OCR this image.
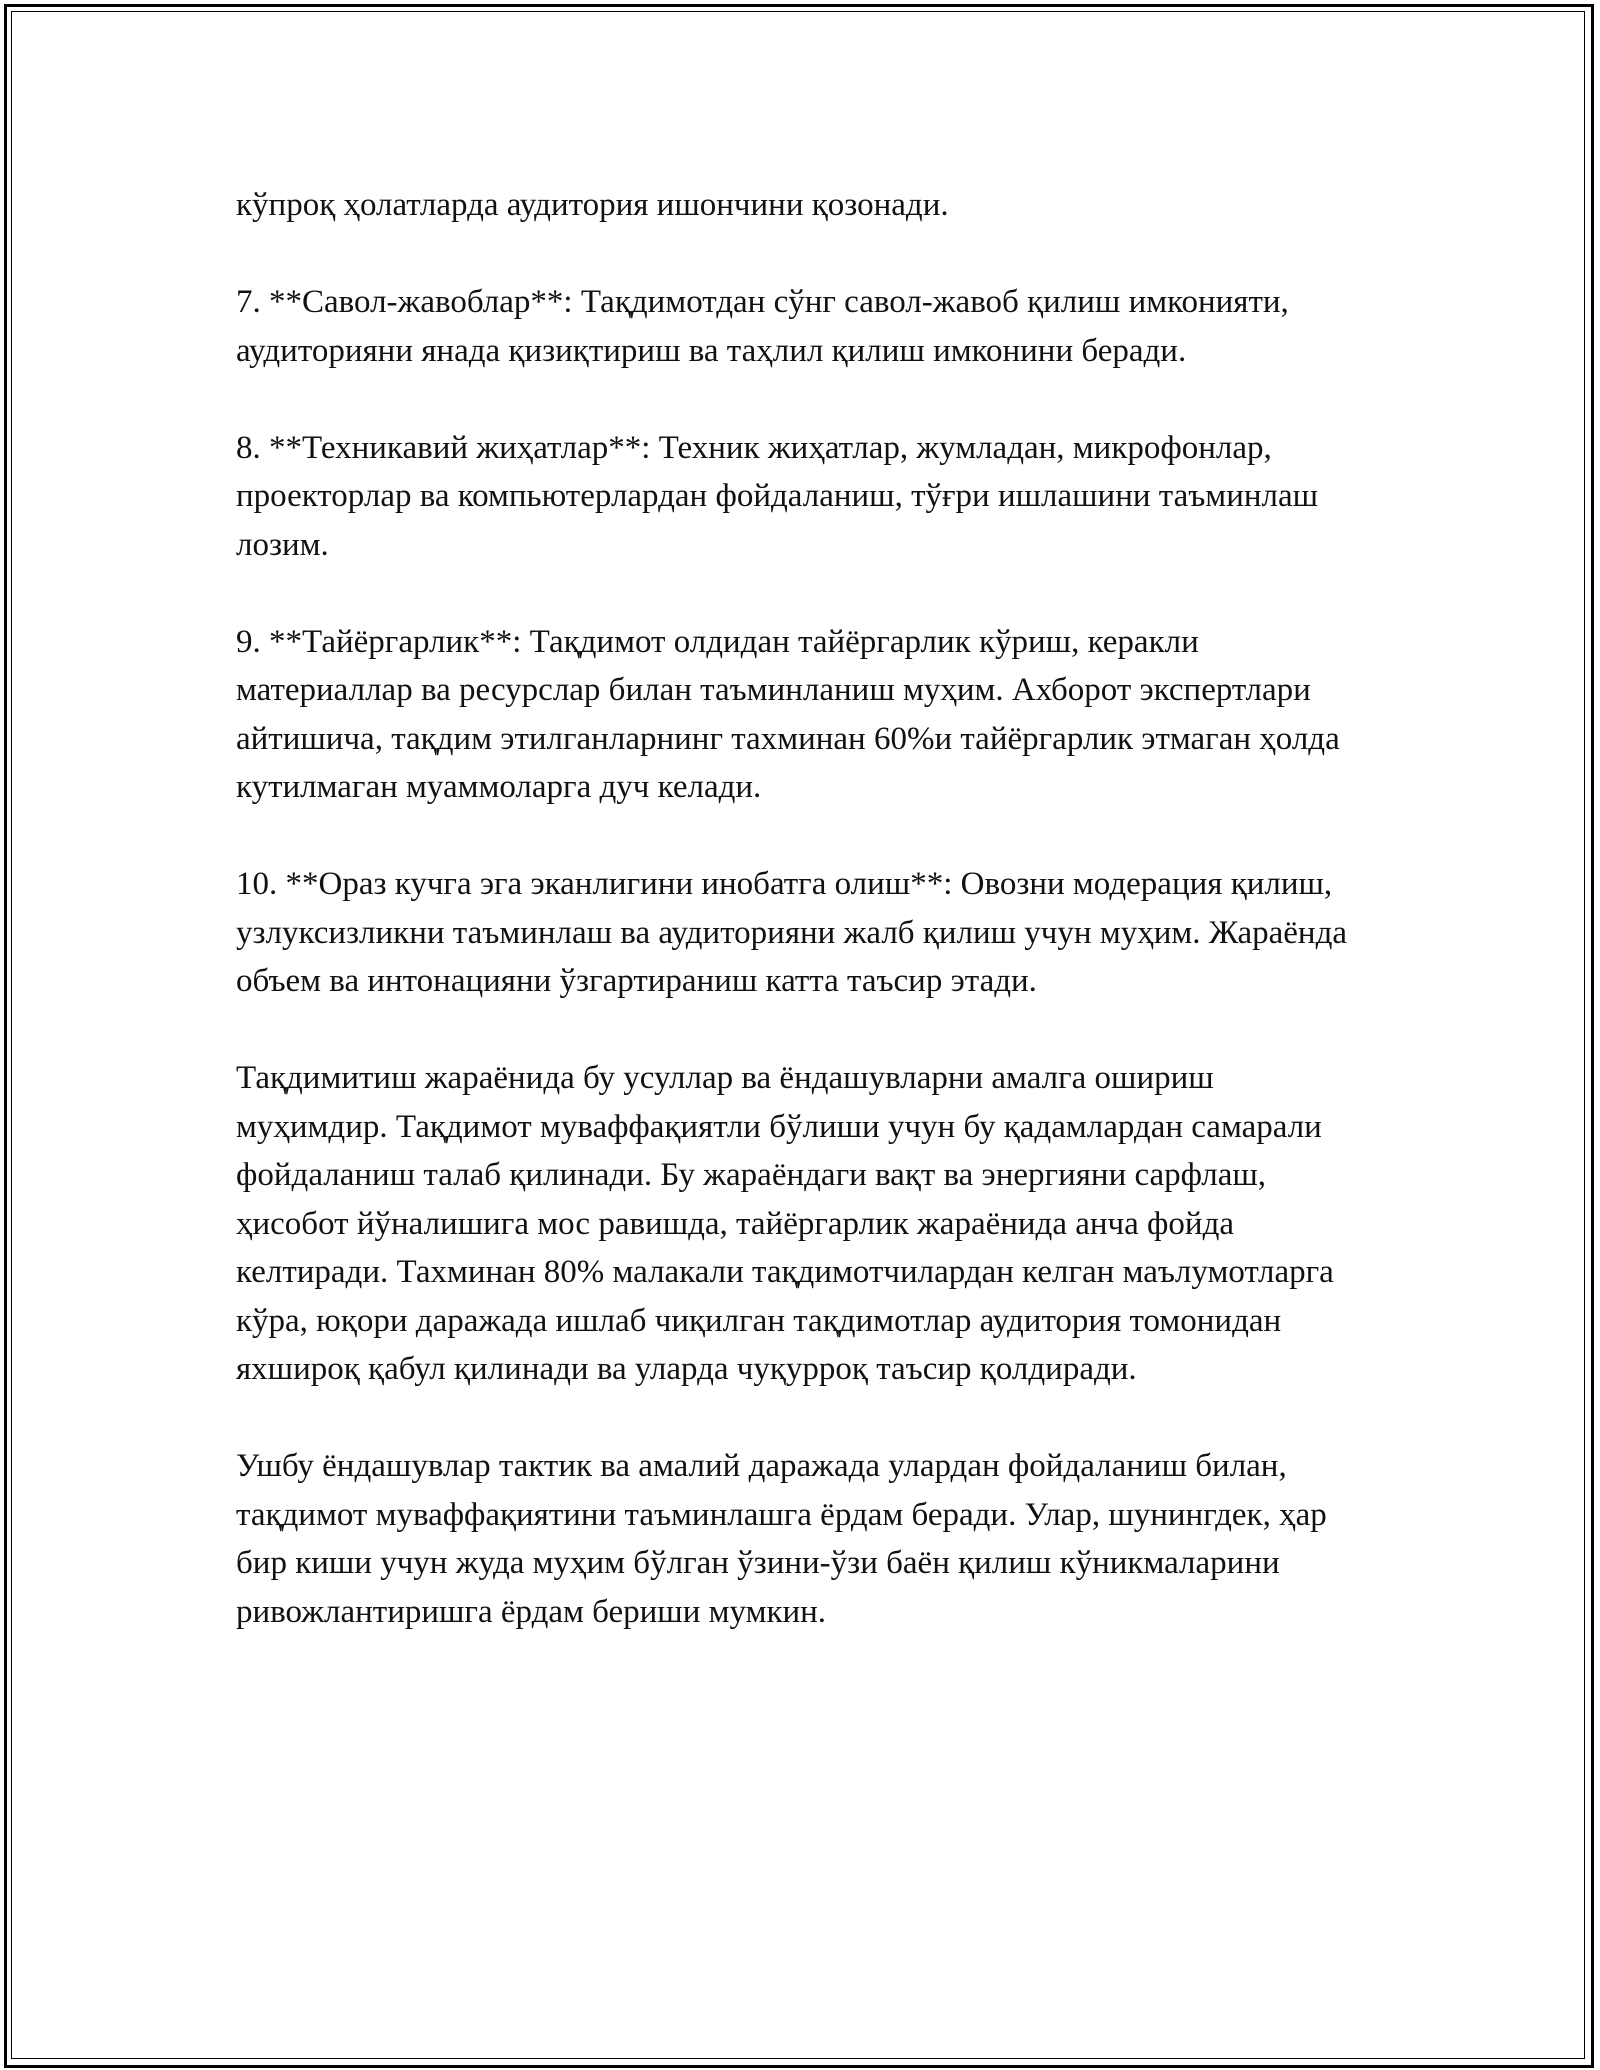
кўпроқ ҳолатларда аудитория ишончини қозонади.

7. **Савол-жавоблар**: Тақдимотдан сўнг савол-жавоб қилиш имконияти, аудиторияни янада қизиқтириш ва таҳлил қилиш имконини беради.

8. **Техникавий жиҳатлар**: Техник жиҳатлар, жумладан, микрофонлар, проекторлар ва компьютерлардан фойдаланиш, тўғри ишлашини таъминлаш лозим.

9. **Тайёргарлик**: Тақдимот олдидан тайёргарлик кўриш, керакли материаллар ва ресурслар билан таъминланиш муҳим. Ахборот экспертлари айтишича, тақдим этилганларнинг тахминан 60%и тайёргарлик этмаган ҳолда кутилмаган муаммоларга дуч келади.

10. **Ораз кучга эга эканлигини инобатга олиш**: Овозни модерация қилиш, узлуксизликни таъминлаш ва аудиторияни жалб қилиш учун муҳим. Жараёнда объем ва интонацияни ўзгартираниш катта таъсир этади.

Тақдимитиш жараёнида бу усуллар ва ёндашувларни амалга ошириш муҳимдир. Тақдимот муваффақиятли бўлиши учун бу қадамлардан самарали фойдаланиш талаб қилинади. Бу жараёндаги вақт ва энергияни сарфлаш, ҳисобот йўналишига мос равишда, тайёргарлик жараёнида анча фойда келтиради. Тахминан 80% малакали тақдимотчилардан келган маълумотларга кўра, юқори даражада ишлаб чиқилган тақдимотлар аудитория томонидан яхшироқ қабул қилинади ва уларда чуқурроқ таъсир қолдиради.

Ушбу ёндашувлар тактик ва амалий даражада улардан фойдаланиш билан, тақдимот муваффақиятини таъминлашга ёрдам беради. Улар, шунингдек, ҳар бир киши учун жуда муҳим бўлган ўзини-ўзи баён қилиш кўникмаларини ривожлантиришга ёрдам бериши мумкин.
